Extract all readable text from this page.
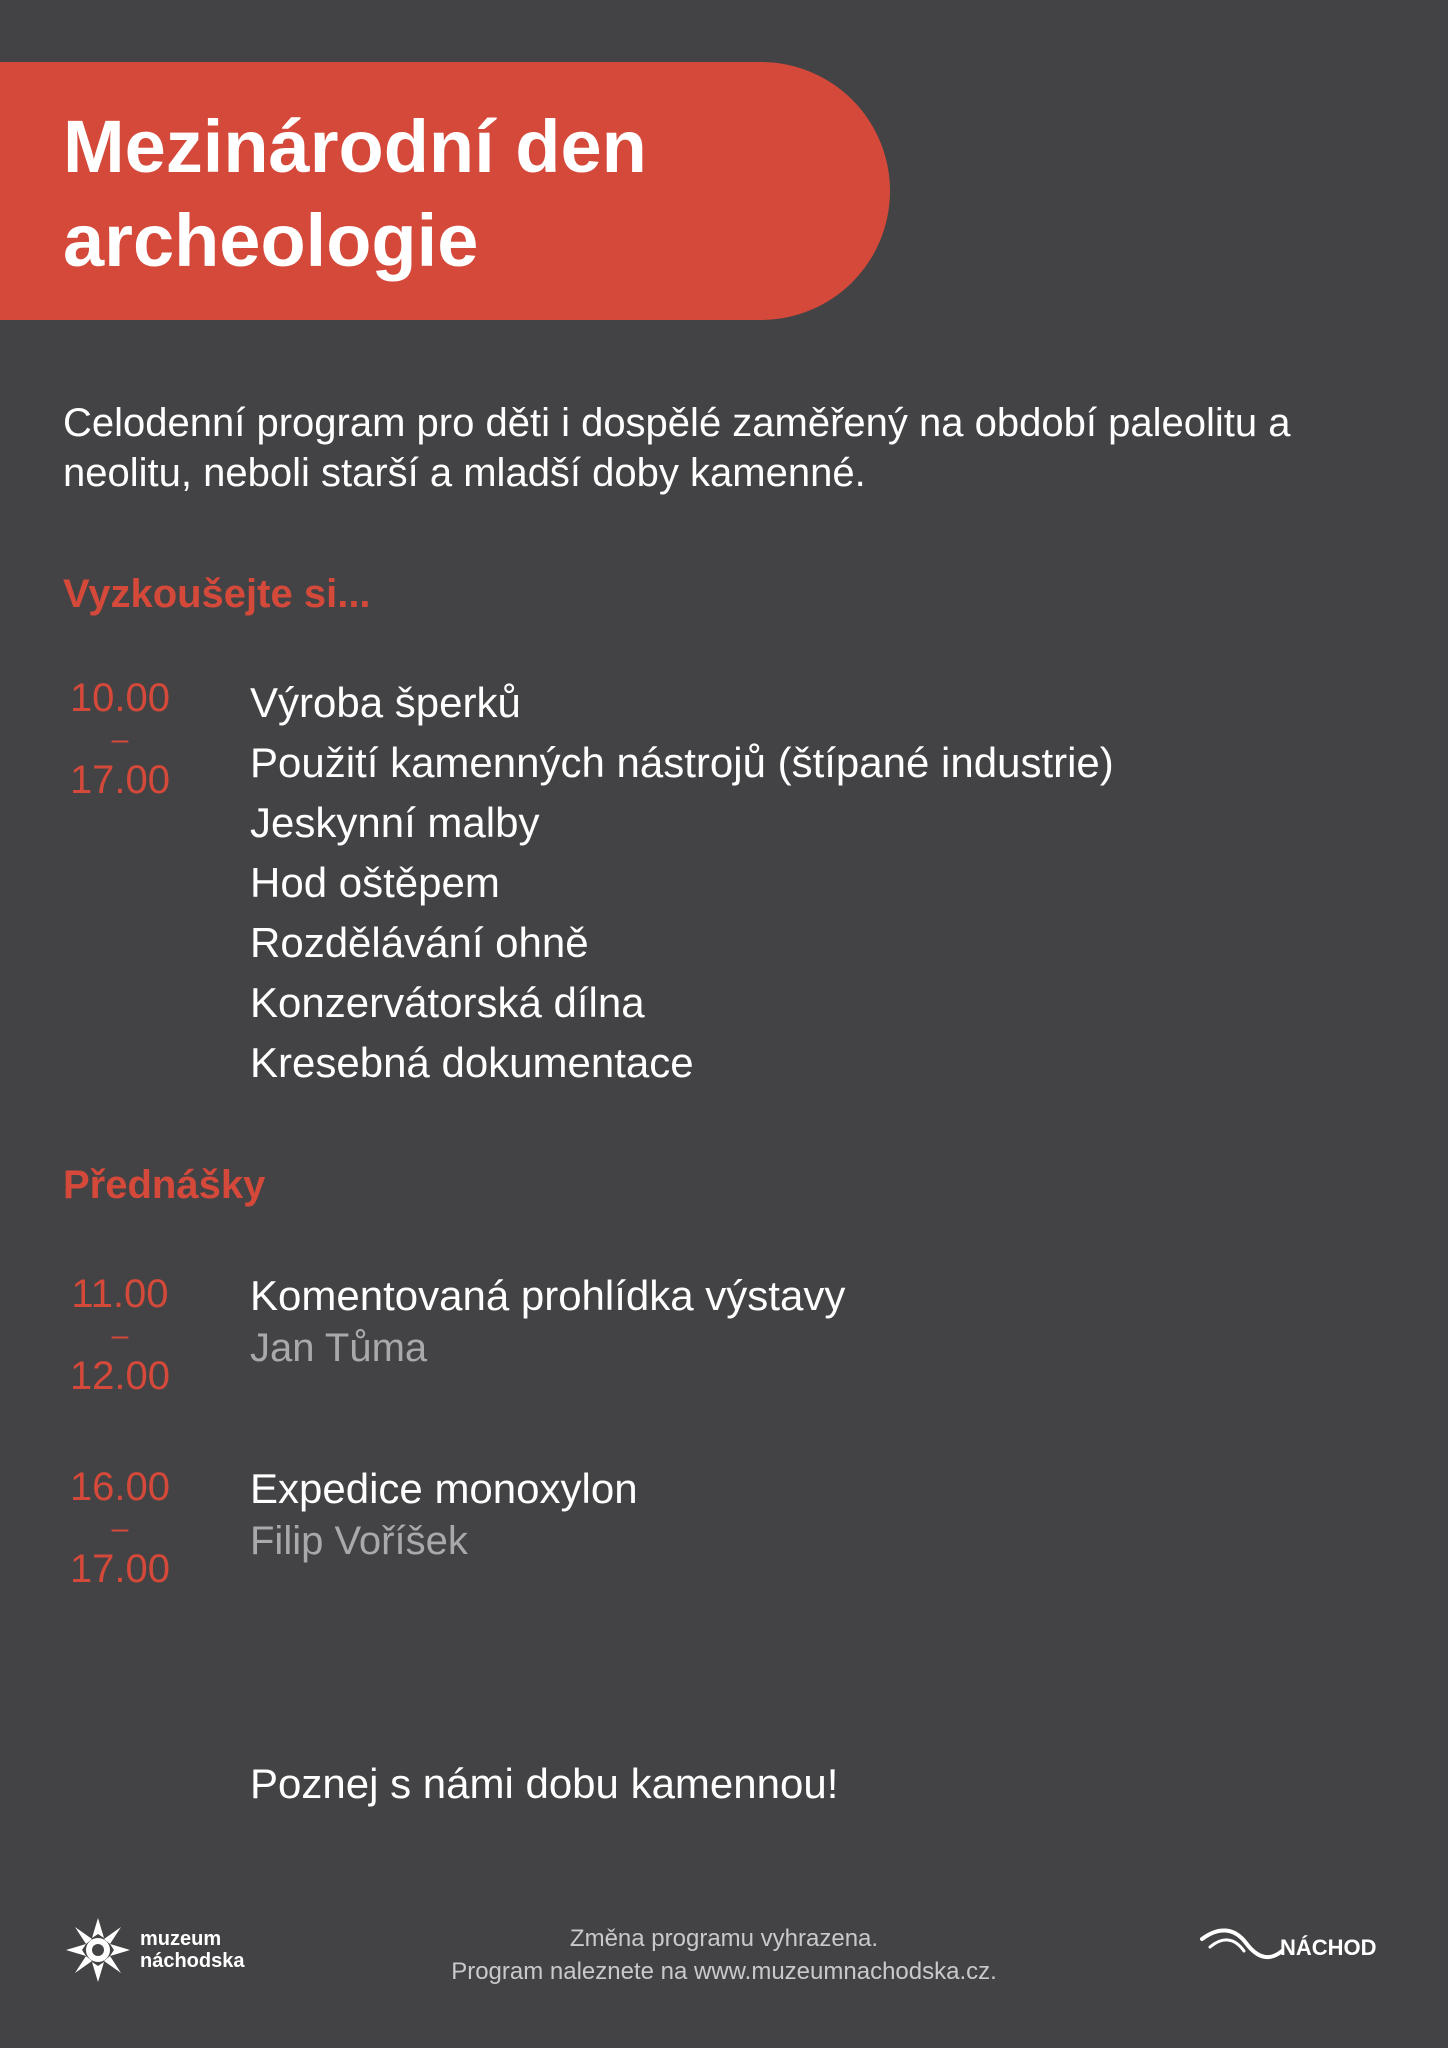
Mezinárodní den archeologie

Celodenní program pro děti i dospělé zaměřený na období paleolitu a neolitu, neboli starší a mladší doby kamenné.

Vyzkoušejte si...
10.00
–
17.00
Výroba šperků
Použití kamenných nástrojů (štípané industrie)
Jeskynní malby
Hod oštěpem
Rozdělávání ohně
Konzervátorská dílna
Kresebná dokumentace
Přednášky
11.00
–
12.00
Komentovaná prohlídka výstavy
Jan Tůma
16.00
–
17.00
Expedice monoxylon
Filip Voříšek
Poznej s námi dobu kamennou!
muzeum
náchodska
Změna programu vyhrazena.
Program naleznete na www.muzeumnachodska.cz.
NÁCHOD
